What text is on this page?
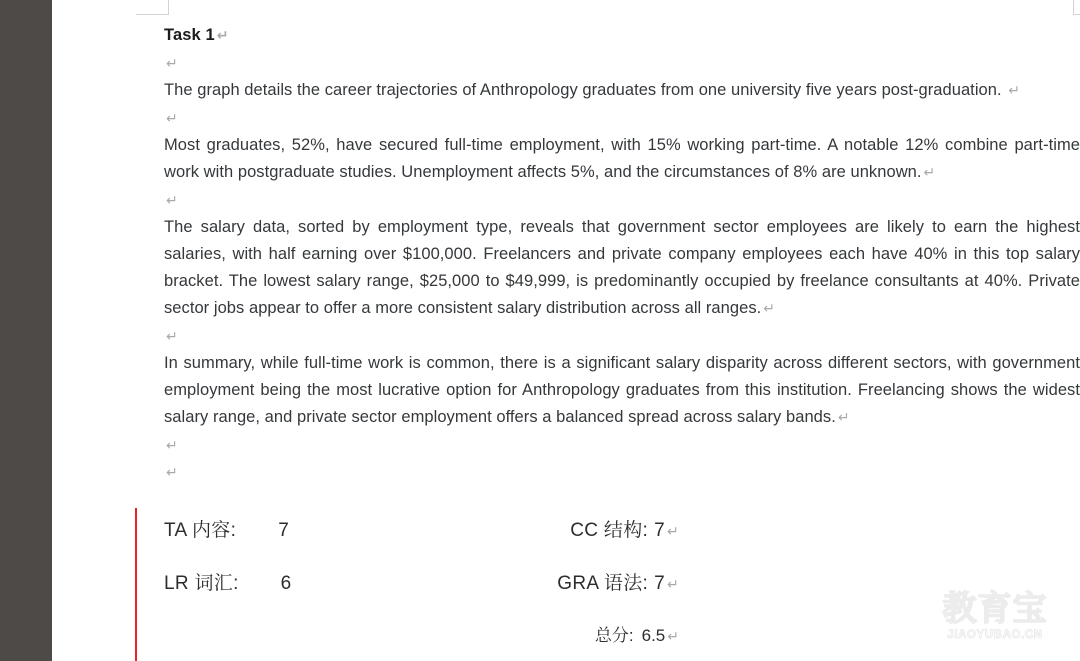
Task 1 ↵

↵

The graph details the career trajectories of Anthropology graduates from one university five years post-graduation. ↵

↵

Most graduates, 52%, have secured full-time employment, with 15% working part-time. A notable 12% combine part-time work with postgraduate studies. Unemployment affects 5%, and the circumstances of 8% are unknown. ↵

↵

The salary data, sorted by employment type, reveals that government sector employees are likely to earn the highest salaries, with half earning over $100,000. Freelancers and private company employees each have 40% in this top salary bracket. The lowest salary range, $25,000 to $49,999, is predominantly occupied by freelance consultants at 40%. Private sector jobs appear to offer a more consistent salary distribution across all ranges. ↵

↵

In summary, while full-time work is common, there is a significant salary disparity across different sectors, with government employment being the most lucrative option for Anthropology graduates from this institution. Freelancing shows the widest salary range, and private sector employment offers a balanced spread across salary bands. ↵

↵

↵

TA 内容: 7	CC 结构: 7 ↵
LR 词汇: 6	GRA 语法: 7 ↵
总分: 6.5 ↵
教育宝
JIAOYUBAO.CN
